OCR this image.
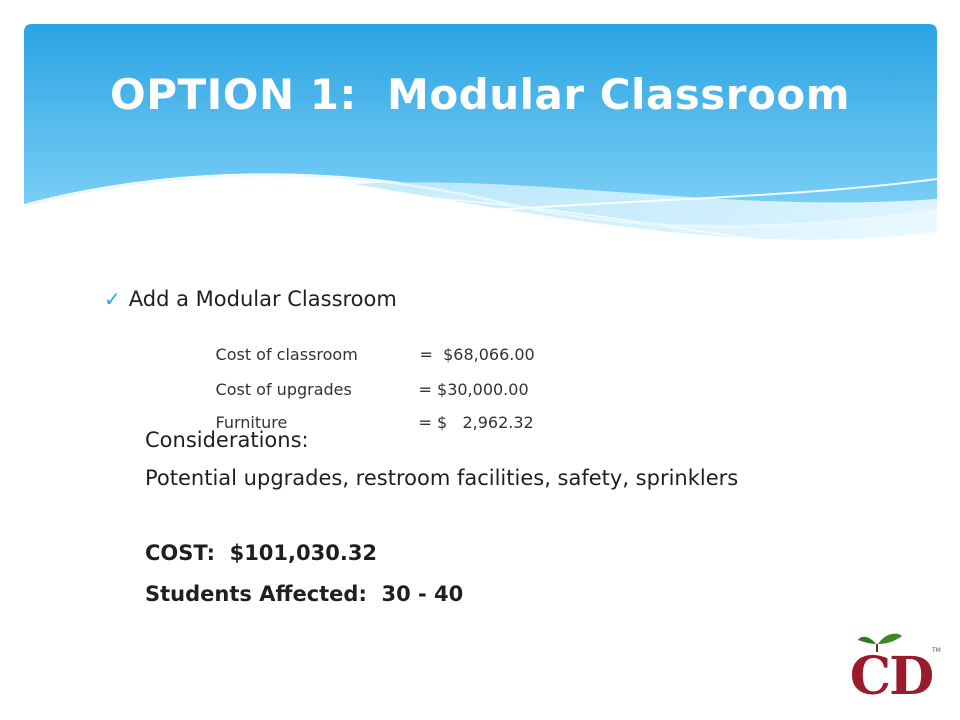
OPTION 1:  Modular Classroom
✓ Add a Modular Classroom

Cost of classroom	=  $68,066.00

Cost of upgrades	= $30,000.00

Furniture	= $   2,962.32

Considerations:
Potential upgrades, restroom facilities, safety, sprinklers
COST:  $101,030.32
Students Affected:  30 - 40
TM
CD
